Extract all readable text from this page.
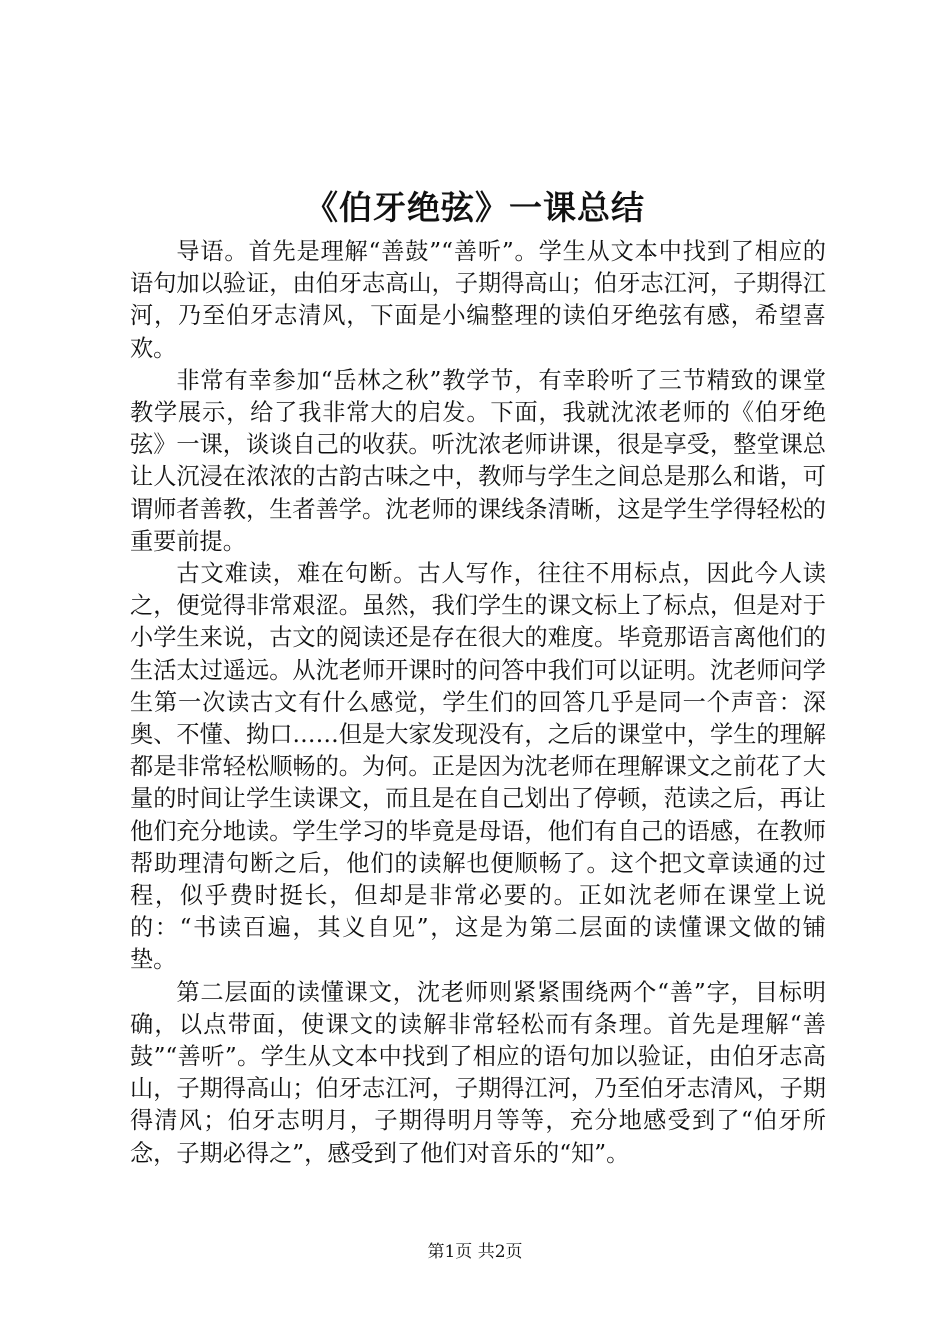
《伯牙绝弦》一课总结

导语。首先是理解“善鼓”“善听”。学生从文本中找到了相应的语句加以验证，由伯牙志高山，子期得高山；伯牙志江河，子期得江河，乃至伯牙志清风，下面是小编整理的读伯牙绝弦有感，希望喜欢。

非常有幸参加“岳林之秋”教学节，有幸聆听了三节精致的课堂教学展示，给了我非常大的启发。下面，我就沈浓老师的《伯牙绝弦》一课，谈谈自己的收获。听沈浓老师讲课，很是享受，整堂课总让人沉浸在浓浓的古韵古味之中，教师与学生之间总是那么和谐，可谓师者善教，生者善学。沈老师的课线条清晰，这是学生学得轻松的重要前提。

古文难读，难在句断。古人写作，往往不用标点，因此今人读之，便觉得非常艰涩。虽然，我们学生的课文标上了标点，但是对于小学生来说，古文的阅读还是存在很大的难度。毕竟那语言离他们的生活太过遥远。从沈老师开课时的问答中我们可以证明。沈老师问学生第一次读古文有什么感觉，学生们的回答几乎是同一个声音：深奥、不懂、拗口……但是大家发现没有，之后的课堂中，学生的理解都是非常轻松顺畅的。为何。正是因为沈老师在理解课文之前花了大量的时间让学生读课文，而且是在自己划出了停顿，范读之后，再让他们充分地读。学生学习的毕竟是母语，他们有自己的语感，在教师帮助理清句断之后，他们的读解也便顺畅了。这个把文章读通的过程，似乎费时挺长，但却是非常必要的。正如沈老师在课堂上说的：“书读百遍，其义自见”，这是为第二层面的读懂课文做的铺垫。

第二层面的读懂课文，沈老师则紧紧围绕两个“善”字，目标明确，以点带面，使课文的读解非常轻松而有条理。首先是理解“善鼓”“善听”。学生从文本中找到了相应的语句加以验证，由伯牙志高山，子期得高山；伯牙志江河，子期得江河，乃至伯牙志清风，子期得清风；伯牙志明月，子期得明月等等，充分地感受到了“伯牙所念，子期必得之”，感受到了他们对音乐的“知”。

第1页 共2页
